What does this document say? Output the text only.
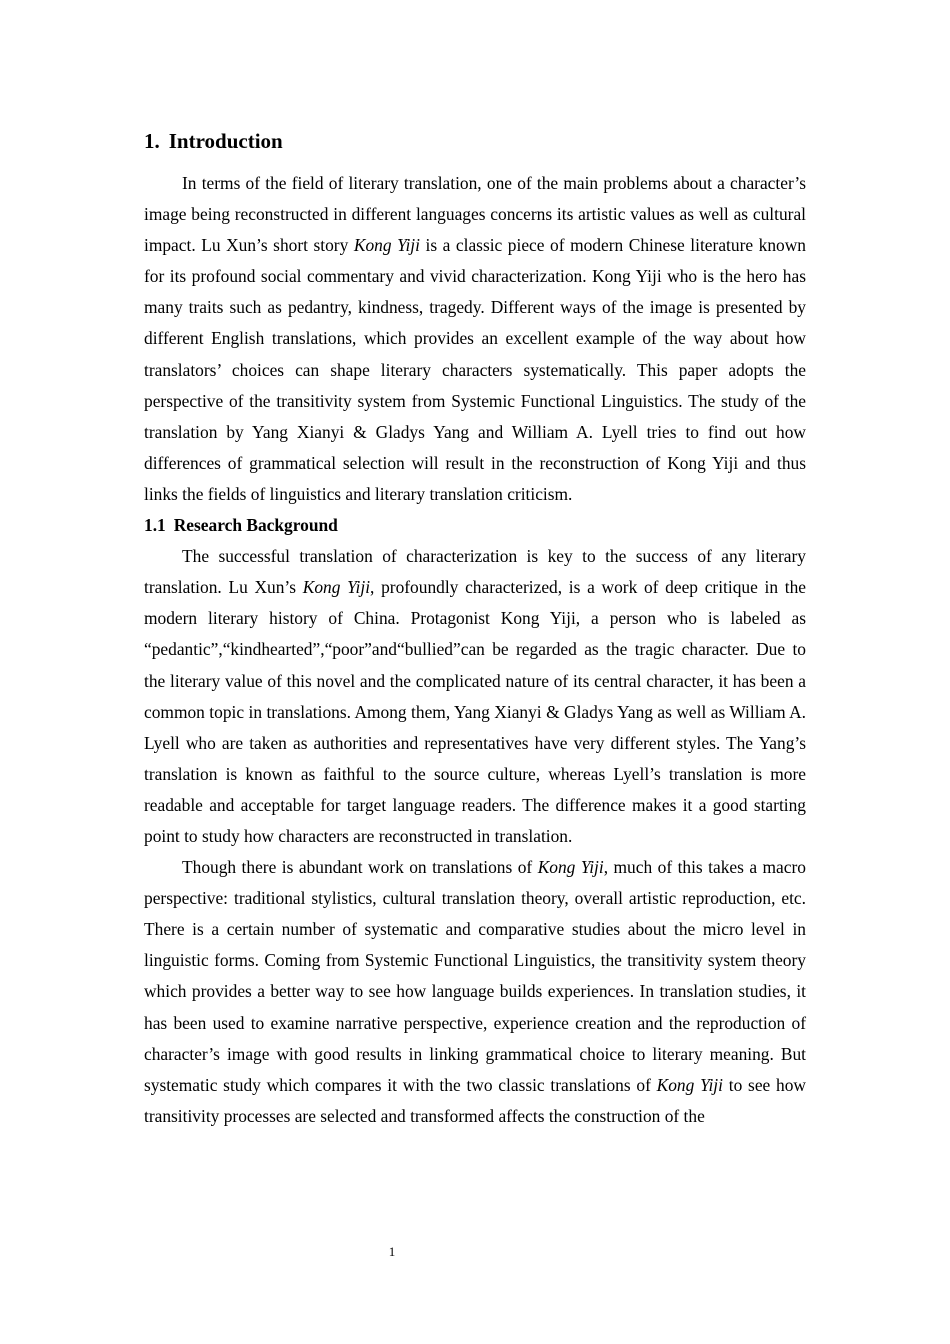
1. Introduction

In terms of the field of literary translation, one of the main problems about a character’s image being reconstructed in different languages concerns its artistic values as well as cultural impact. Lu Xun’s short story Kong Yiji is a classic piece of modern Chinese literature known for its profound social commentary and vivid characterization. Kong Yiji who is the hero has many traits such as pedantry, kindness, tragedy. Different ways of the image is presented by different English translations, which provides an excellent example of the way about how translators’ choices can shape literary characters systematically. This paper adopts the perspective of the transitivity system from Systemic Functional Linguistics. The study of the translation by Yang Xianyi & Gladys Yang and William A. Lyell tries to find out how differences of grammatical selection will result in the reconstruction of Kong Yiji and thus links the fields of linguistics and literary translation criticism.

1.1 Research Background

The successful translation of characterization is key to the success of any literary translation. Lu Xun’s Kong Yiji, profoundly characterized, is a work of deep critique in the modern literary history of China. Protagonist Kong Yiji, a person who is labeled as “pedantic”,“kindhearted”,“poor”and“bullied”can be regarded as the tragic character. Due to the literary value of this novel and the complicated nature of its central character, it has been a common topic in translations. Among them, Yang Xianyi & Gladys Yang as well as William A. Lyell who are taken as authorities and representatives have very different styles. The Yang’s translation is known as faithful to the source culture, whereas Lyell’s translation is more readable and acceptable for target language readers. The difference makes it a good starting point to study how characters are reconstructed in translation.

Though there is abundant work on translations of Kong Yiji, much of this takes a macro perspective: traditional stylistics, cultural translation theory, overall artistic reproduction, etc. There is a certain number of systematic and comparative studies about the micro level in linguistic forms. Coming from Systemic Functional Linguistics, the transitivity system theory which provides a better way to see how language builds experiences. In translation studies, it has been used to examine narrative perspective, experience creation and the reproduction of character’s image with good results in linking grammatical choice to literary meaning. But systematic study which compares it with the two classic translations of Kong Yiji to see how transitivity processes are selected and transformed affects the construction of the

1
